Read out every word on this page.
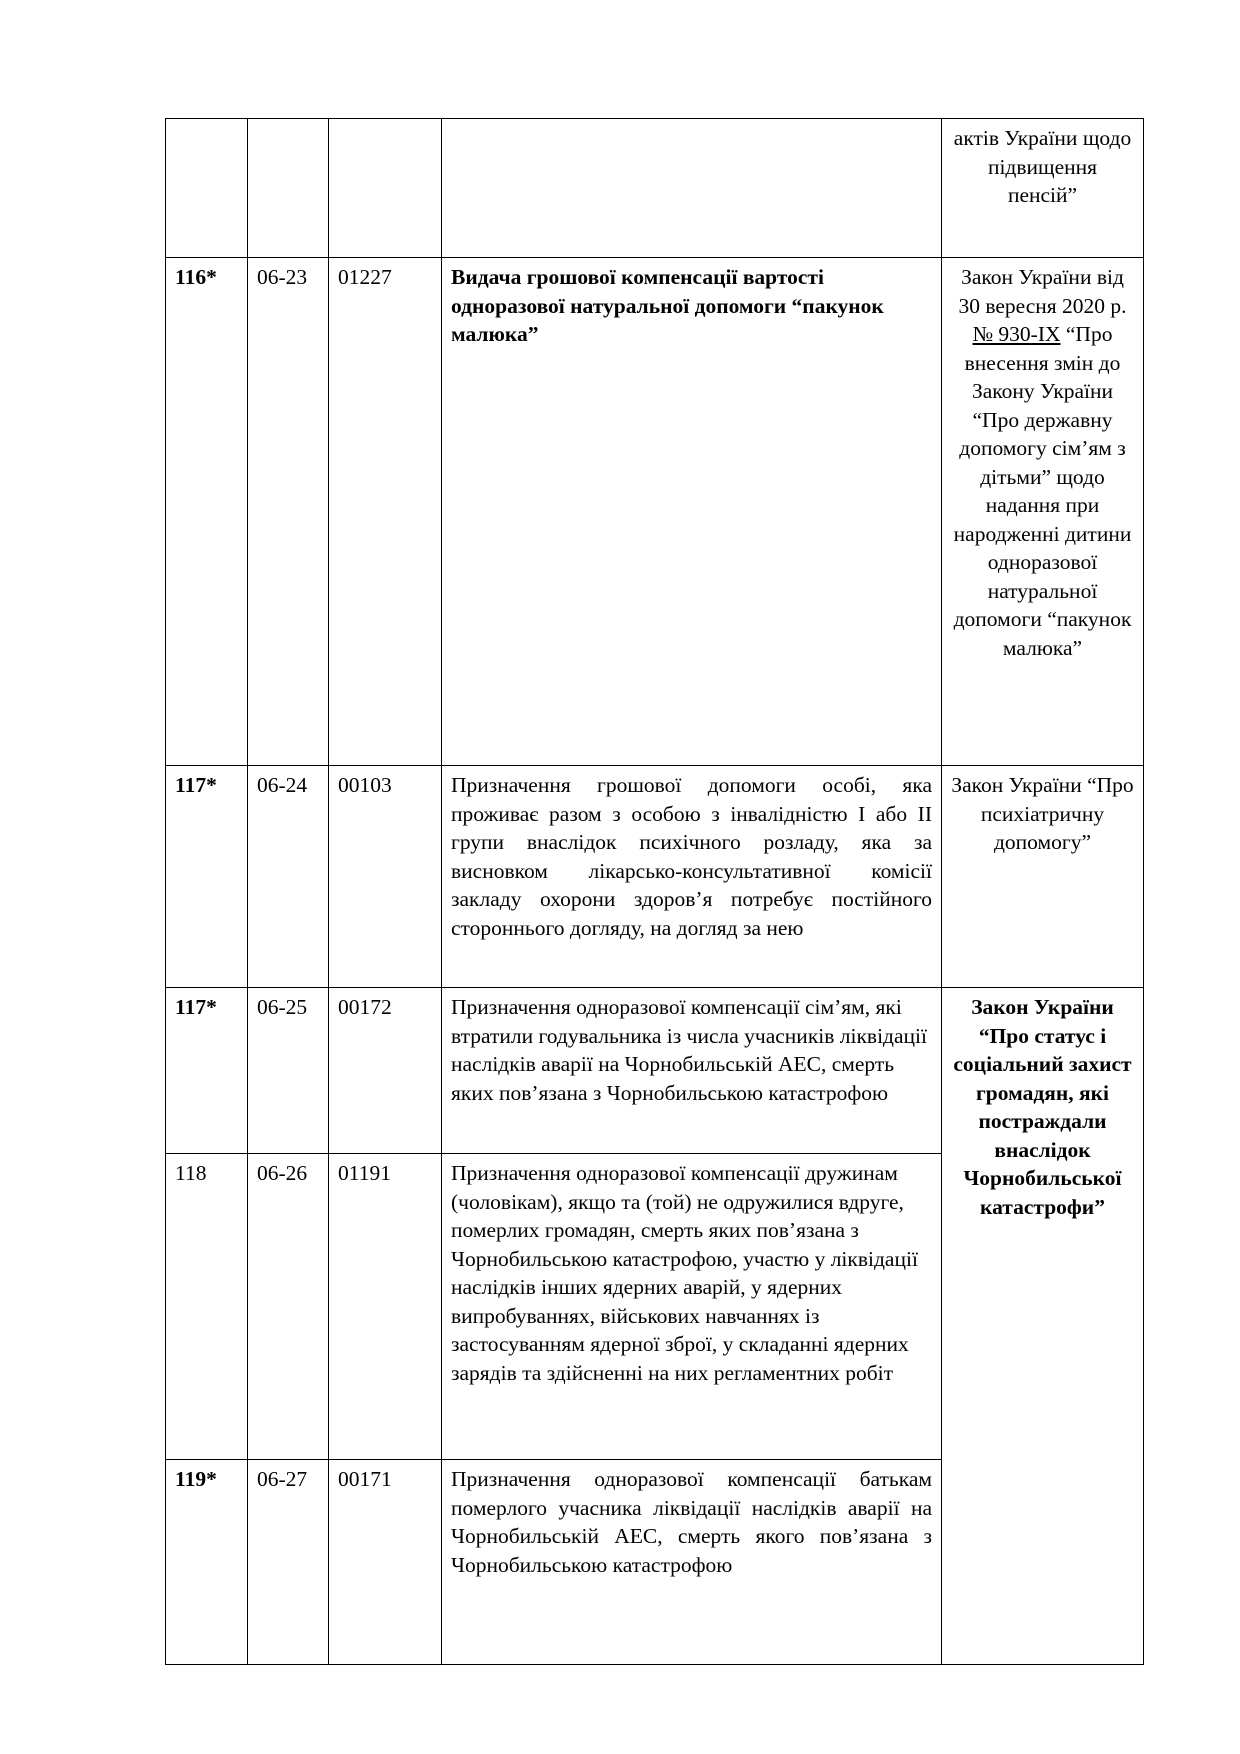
				актів України щодо підвищення пенсій”
116*	06-23	01227	Видача грошової компенсації вартості одноразової натуральної допомоги “пакунок малюка”	Закон України від 30 вересня 2020 р. № 930-IX “Про внесення змін до Закону України “Про державну допомогу сім’ям з дітьми” щодо надання при народженні дитини одноразової натуральної допомоги “пакунок малюка”
117*	06-24	00103	Призначення грошової допомоги особі, яка проживає разом з особою з інвалідністю I або II групи внаслідок психічного розладу, яка за висновком лікарсько-консультативної комісії закладу охорони здоров’я потребує постійного стороннього догляду, на догляд за нею	Закон України “Про психіатричну допомогу”
117*	06-25	00172	Призначення одноразової компенсації сім’ям, які втратили годувальника із числа учасників ліквідації наслідків аварії на Чорнобильській АЕС, смерть яких пов’язана з Чорнобильською катастрофою	Закон України “Про статус і соціальний захист громадян, які постраждали внаслідок Чорнобильської катастрофи”
118	06-26	01191	Призначення одноразової компенсації дружинам (чоловікам), якщо та (той) не одружилися вдруге, померлих громадян, смерть яких пов’язана з Чорнобильською катастрофою, участю у ліквідації наслідків інших ядерних аварій, у ядерних випробуваннях, військових навчаннях із застосуванням ядерної зброї, у складанні ядерних зарядів та здійсненні на них регламентних робіт	
119*	06-27	00171	Призначення одноразової компенсації батькам померлого учасника ліквідації наслідків аварії на Чорнобильській АЕС, смерть якого пов’язана з Чорнобильською катастрофою	
